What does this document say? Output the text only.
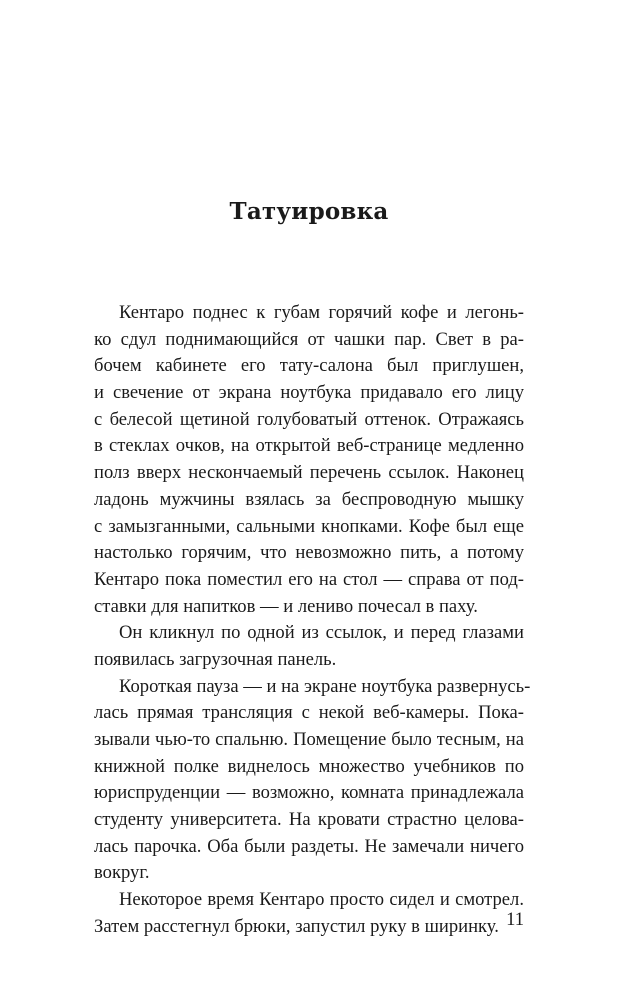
Татуировка

Кентаро поднес к губам горячий кофе и легонь-
ко сдул поднимающийся от чашки пар. Свет в ра-
бочем кабинете его тату-салона был приглушен,
и свечение от экрана ноутбука придавало его лицу
с белесой щетиной голубоватый оттенок. Отражаясь
в стеклах очков, на открытой веб-странице медленно
полз вверх нескончаемый перечень ссылок. Наконец
ладонь мужчины взялась за беспроводную мышку
с замызганными, сальными кнопками. Кофе был еще
настолько горячим, что невозможно пить, а потому
Кентаро пока поместил его на стол — справа от под-
ставки для напитков — и лениво почесал в паху.

Он кликнул по одной из ссылок, и перед глазами
появилась загрузочная панель.

Короткая пауза — и на экране ноутбука развернусь-
лась прямая трансляция с некой веб-камеры. Пока-
зывали чью-то спальню. Помещение было тесным, на
книжной полке виднелось множество учебников по
юриспруденции — возможно, комната принадлежала
студенту университета. На кровати страстно целова-
лась парочка. Оба были раздеты. Не замечали ничего
вокруг.

Некоторое время Кентаро просто сидел и смотрел.
Затем расстегнул брюки, запустил руку в ширинку. 11
